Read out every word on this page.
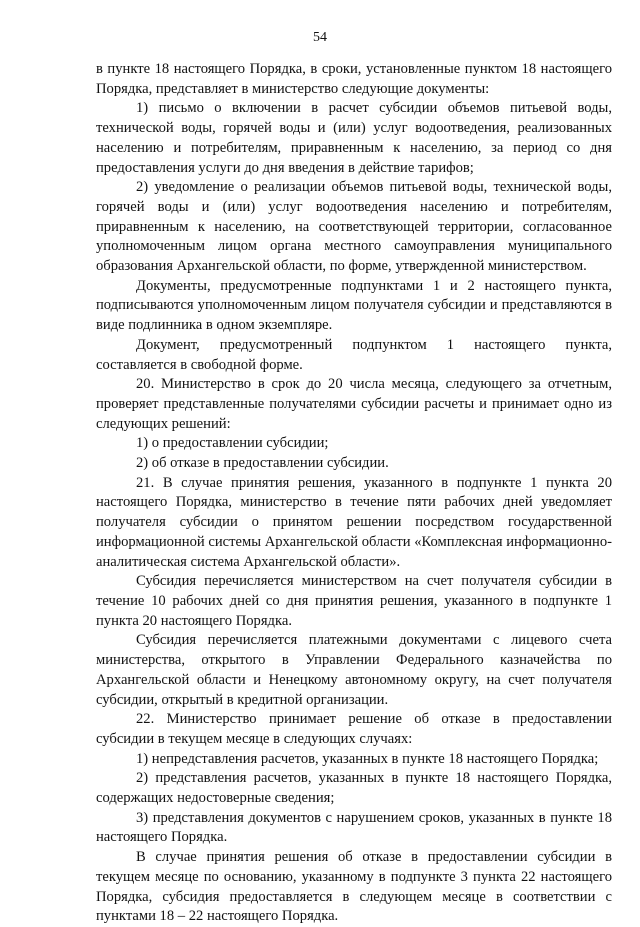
54

в пункте 18 настоящего Порядка, в сроки, установленные пунктом 18 настоящего Порядка, представляет в министерство следующие документы:

1) письмо о включении в расчет субсидии объемов питьевой воды, технической воды, горячей воды и (или) услуг водоотведения, реализованных населению и потребителям, приравненным к населению, за период со дня предоставления услуги до дня введения в действие тарифов;

2) уведомление о реализации объемов питьевой воды, технической воды, горячей воды и (или) услуг водоотведения населению и потребителям, приравненным к населению, на соответствующей территории, согласованное уполномоченным лицом органа местного самоуправления муниципального образования Архангельской области, по форме, утвержденной министерством.

Документы, предусмотренные подпунктами 1 и 2 настоящего пункта, подписываются уполномоченным лицом получателя субсидии и представляются в виде подлинника в одном экземпляре.

Документ, предусмотренный подпунктом 1 настоящего пункта, составляется в свободной форме.

20. Министерство в срок до 20 числа месяца, следующего за отчетным, проверяет представленные получателями субсидии расчеты и принимает одно из следующих решений:

1) о предоставлении субсидии;

2) об отказе в предоставлении субсидии.

21. В случае принятия решения, указанного в подпункте 1 пункта 20 настоящего Порядка, министерство в течение пяти рабочих дней уведомляет получателя субсидии о принятом решении посредством государственной информационной системы Архангельской области «Комплексная информационно-аналитическая система Архангельской области».

Субсидия перечисляется министерством на счет получателя субсидии в течение 10 рабочих дней со дня принятия решения, указанного в подпункте 1 пункта 20 настоящего Порядка.

Субсидия перечисляется платежными документами с лицевого счета министерства, открытого в Управлении Федерального казначейства по Архангельской области и Ненецкому автономному округу, на счет получателя субсидии, открытый в кредитной организации.

22. Министерство принимает решение об отказе в предоставлении субсидии в текущем месяце в следующих случаях:

1) непредставления расчетов, указанных в пункте 18 настоящего Порядка;

2) представления расчетов, указанных в пункте 18 настоящего Порядка, содержащих недостоверные сведения;

3) представления документов с нарушением сроков, указанных в пункте 18 настоящего Порядка.

В случае принятия решения об отказе в предоставлении субсидии в текущем месяце по основанию, указанному в подпункте 3 пункта 22 настоящего Порядка, субсидия предоставляется в следующем месяце в соответствии с пунктами 18 – 22 настоящего Порядка.
